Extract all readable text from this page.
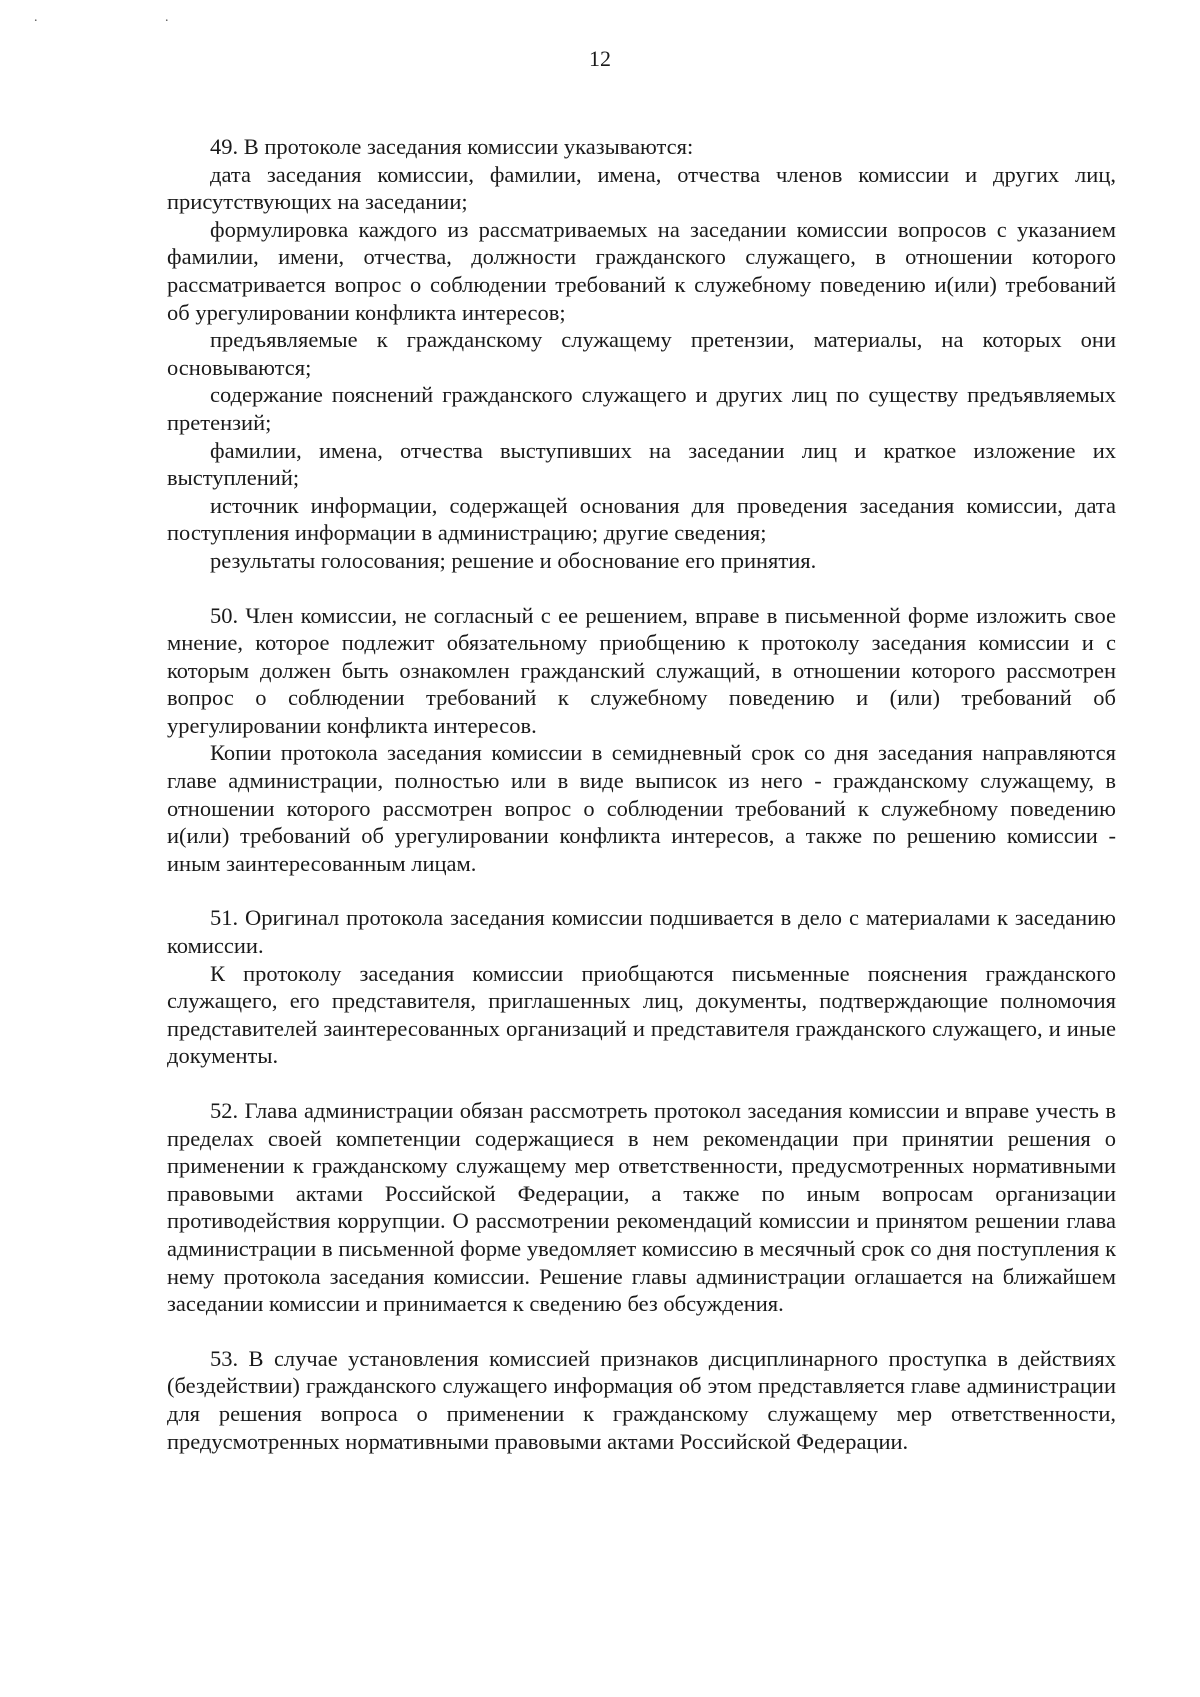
. .
12

49. В протоколе заседания комиссии указываются:

дата заседания комиссии, фамилии, имена, отчества членов комиссии и других лиц, присутствующих на заседании;

формулировка каждого из рассматриваемых на заседании комиссии вопросов с указанием фамилии, имени, отчества, должности гражданского служащего, в отношении которого рассматривается вопрос о соблюдении требований к служебному поведению и(или) требований об урегулировании конфликта интересов;

предъявляемые к гражданскому служащему претензии, материалы, на которых они основываются;

содержание пояснений гражданского служащего и других лиц по существу предъявляемых претензий;

фамилии, имена, отчества выступивших на заседании лиц и краткое изложение их выступлений;

источник информации, содержащей основания для проведения заседания комиссии, дата поступления информации в администрацию; другие сведения;

результаты голосования; решение и обоснование его принятия.

50. Член комиссии, не согласный с ее решением, вправе в письменной форме изложить свое мнение, которое подлежит обязательному приобщению к протоколу заседания комиссии и с которым должен быть ознакомлен гражданский служащий, в отношении которого рассмотрен вопрос о соблюдении требований к служебному поведению и (или) требований об урегулировании конфликта интересов.

Копии протокола заседания комиссии в семидневный срок со дня заседания направляются главе администрации, полностью или в виде выписок из него - гражданскому служащему, в отношении которого рассмотрен вопрос о соблюдении требований к служебному поведению и(или) требований об урегулировании конфликта интересов, а также по решению комиссии - иным заинтересованным лицам.

51. Оригинал протокола заседания комиссии подшивается в дело с материалами к заседанию комиссии.

К протоколу заседания комиссии приобщаются письменные пояснения гражданского служащего, его представителя, приглашенных лиц, документы, подтверждающие полномочия представителей заинтересованных организаций и представителя гражданского служащего, и иные документы.

52. Глава администрации обязан рассмотреть протокол заседания комиссии и вправе учесть в пределах своей компетенции содержащиеся в нем рекомендации при принятии решения о применении к гражданскому служащему мер ответственности, предусмотренных нормативными правовыми актами Российской Федерации, а также по иным вопросам организации противодействия коррупции. О рассмотрении рекомендаций комиссии и принятом решении глава администрации в письменной форме уведомляет комиссию в месячный срок со дня поступления к нему протокола заседания комиссии. Решение главы администрации оглашается на ближайшем заседании комиссии и принимается к сведению без обсуждения.

53. В случае установления комиссией признаков дисциплинарного проступка в действиях (бездействии) гражданского служащего информация об этом представляется главе администрации для решения вопроса о применении к гражданскому служащему мер ответственности, предусмотренных нормативными правовыми актами Российской Федерации.
